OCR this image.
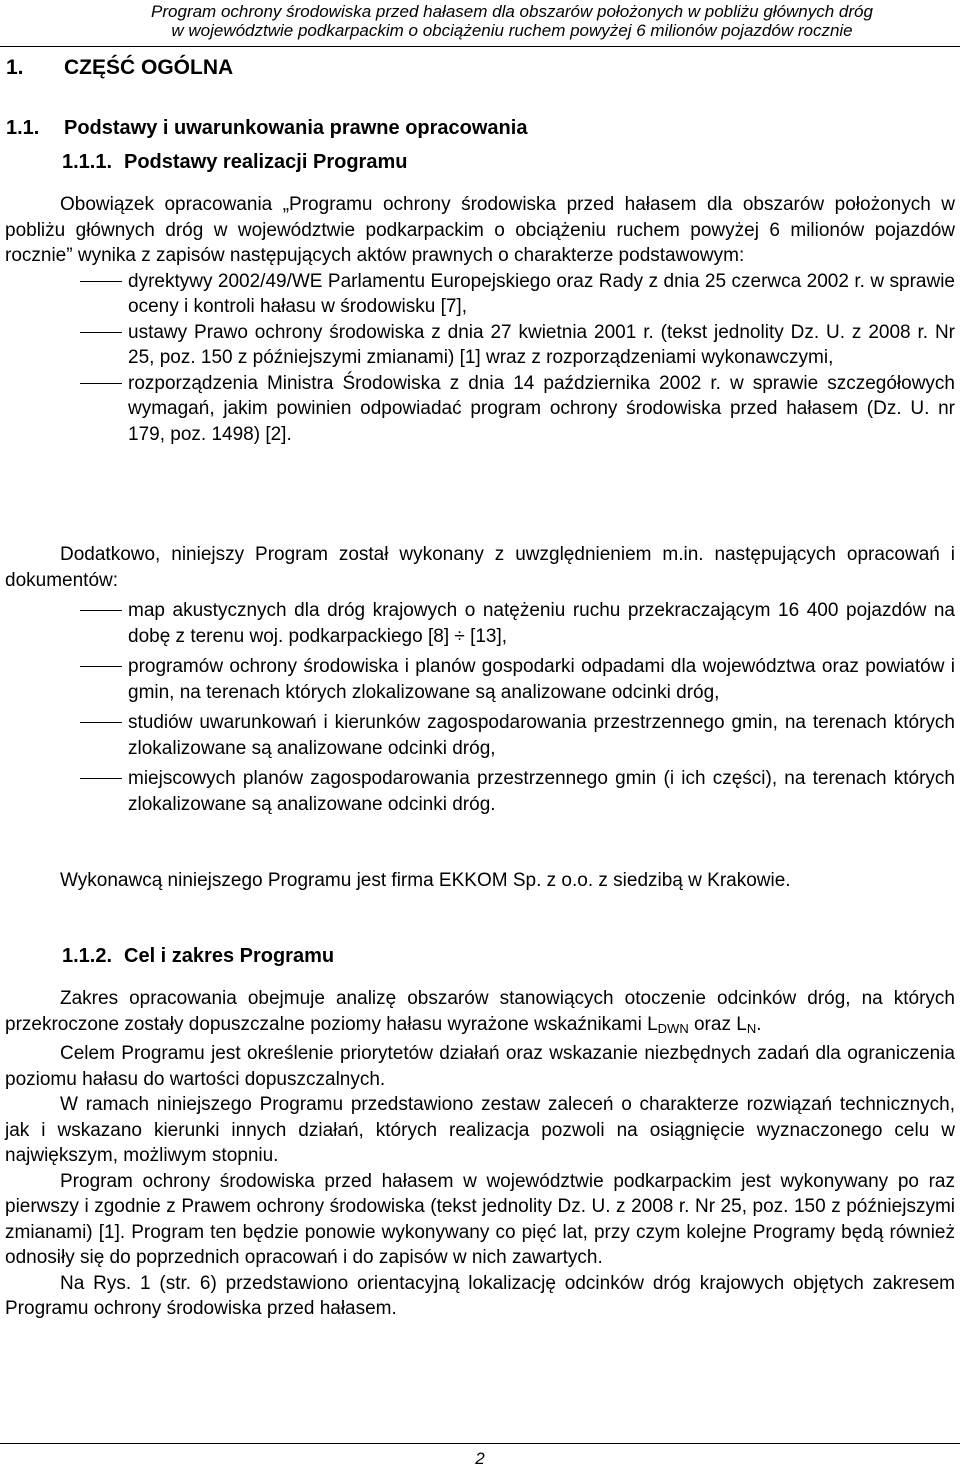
Program ochrony środowiska przed hałasem dla obszarów położonych w pobliżu głównych dróg
w województwie podkarpackim o obciążeniu ruchem powyżej 6 milionów pojazdów rocznie
1. CZĘŚĆ OGÓLNA
1.1. Podstawy i uwarunkowania prawne opracowania
1.1.1. Podstawy realizacji Programu
Obowiązek opracowania „Programu ochrony środowiska przed hałasem dla obszarów położonych w pobliżu głównych dróg w województwie podkarpackim o obciążeniu ruchem powyżej 6 milionów pojazdów rocznie” wynika z zapisów następujących aktów prawnych o charakterze podstawowym:
dyrektywy 2002/49/WE Parlamentu Europejskiego oraz Rady z dnia 25 czerwca 2002 r. w sprawie oceny i kontroli hałasu w środowisku [7],
ustawy Prawo ochrony środowiska z dnia 27 kwietnia 2001 r. (tekst jednolity Dz. U. z 2008 r. Nr 25, poz. 150 z późniejszymi zmianami) [1] wraz z rozporządzeniami wykonawczymi,
rozporządzenia Ministra Środowiska z dnia 14 października 2002 r. w sprawie szczegółowych wymagań, jakim powinien odpowiadać program ochrony środowiska przed hałasem (Dz. U. nr 179, poz. 1498) [2].
Dodatkowo, niniejszy Program został wykonany z uwzględnieniem m.in. następujących opracowań i dokumentów:
map akustycznych dla dróg krajowych o natężeniu ruchu przekraczającym 16 400 pojazdów na dobę z terenu woj. podkarpackiego [8] ÷ [13],
programów ochrony środowiska i planów gospodarki odpadami dla województwa oraz powiatów i gmin, na terenach których zlokalizowane są analizowane odcinki dróg,
studiów uwarunkowań i kierunków zagospodarowania przestrzennego gmin, na terenach których zlokalizowane są analizowane odcinki dróg,
miejscowych planów zagospodarowania przestrzennego gmin (i ich części), na terenach których zlokalizowane są analizowane odcinki dróg.
Wykonawcą niniejszego Programu jest firma EKKOM Sp. z o.o. z siedzibą w Krakowie.
1.1.2. Cel i zakres Programu
Zakres opracowania obejmuje analizę obszarów stanowiących otoczenie odcinków dróg, na których przekroczone zostały dopuszczalne poziomy hałasu wyrażone wskaźnikami $L_{DWN}$ oraz $L_N$.
Celem Programu jest określenie priorytetów działań oraz wskazanie niezbędnych zadań dla ograniczenia poziomu hałasu do wartości dopuszczalnych.
W ramach niniejszego Programu przedstawiono zestaw zaleceń o charakterze rozwiązań technicznych, jak i wskazano kierunki innych działań, których realizacja pozwoli na osiągnięcie wyznaczonego celu w największym, możliwym stopniu.
Program ochrony środowiska przed hałasem w województwie podkarpackim jest wykonywany po raz pierwszy i zgodnie z Prawem ochrony środowiska (tekst jednolity Dz. U. z 2008 r. Nr 25, poz. 150 z późniejszymi zmianami) [1]. Program ten będzie ponowie wykonywany co pięć lat, przy czym kolejne Programy będą również odnosiły się do poprzednich opracowań i do zapisów w nich zawartych.
Na Rys. 1 (str. 6) przedstawiono orientacyjną lokalizację odcinków dróg krajowych objętych zakresem Programu ochrony środowiska przed hałasem.
2
